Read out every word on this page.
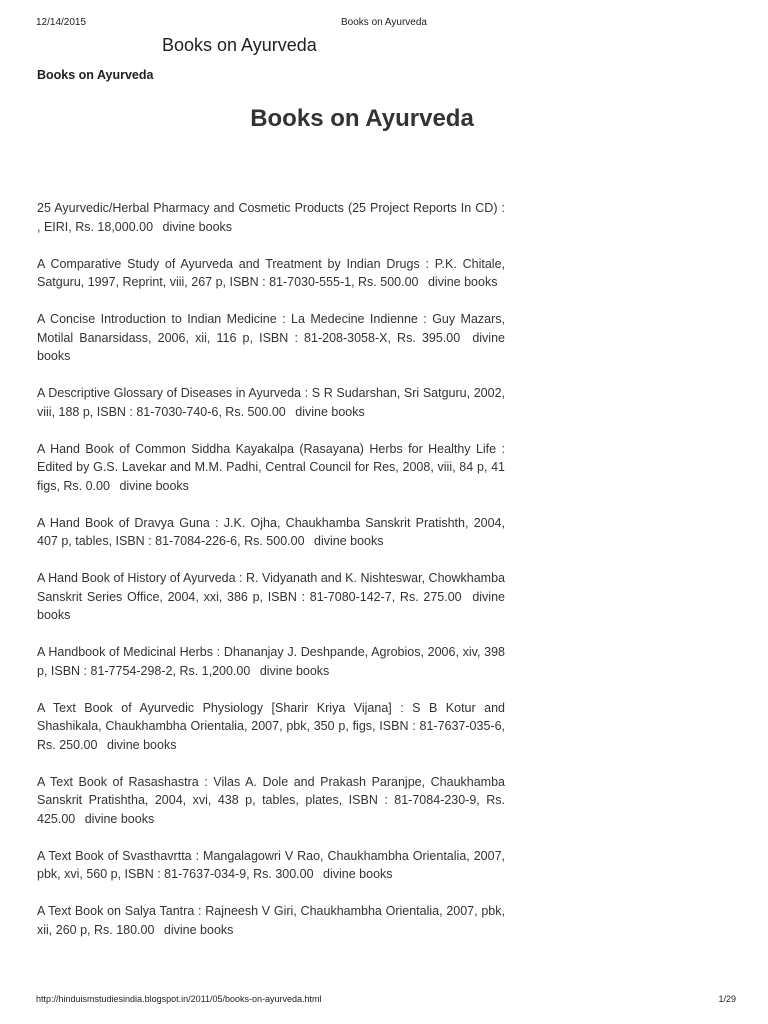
12/14/2015	Books on Ayurveda
Books on Ayurveda
Books on Ayurveda
Books on Ayurveda

25 Ayurvedic/Herbal Pharmacy and Cosmetic Products (25 Project Reports In CD) : , EIRI, Rs. 18,000.00 divine books

A Comparative Study of Ayurveda and Treatment by Indian Drugs : P.K. Chitale, Satguru, 1997, Reprint, viii, 267 p, ISBN : 81-7030-555-1, Rs. 500.00 divine books

A Concise Introduction to Indian Medicine : La Medecine Indienne : Guy Mazars, Motilal Banarsidass, 2006, xii, 116 p, ISBN : 81-208-3058-X, Rs. 395.00 divine books

A Descriptive Glossary of Diseases in Ayurveda : S R Sudarshan, Sri Satguru, 2002, viii, 188 p, ISBN : 81-7030-740-6, Rs. 500.00 divine books

A Hand Book of Common Siddha Kayakalpa (Rasayana) Herbs for Healthy Life : Edited by G.S. Lavekar and M.M. Padhi, Central Council for Res, 2008, viii, 84 p, 41 figs, Rs. 0.00 divine books

A Hand Book of Dravya Guna : J.K. Ojha, Chaukhamba Sanskrit Pratishth, 2004, 407 p, tables, ISBN : 81-7084-226-6, Rs. 500.00 divine books

A Hand Book of History of Ayurveda : R. Vidyanath and K. Nishteswar, Chowkhamba Sanskrit Series Office, 2004, xxi, 386 p, ISBN : 81-7080-142-7, Rs. 275.00 divine books

A Handbook of Medicinal Herbs : Dhananjay J. Deshpande, Agrobios, 2006, xiv, 398 p, ISBN : 81-7754-298-2, Rs. 1,200.00 divine books

A Text Book of Ayurvedic Physiology [Sharir Kriya Vijana] : S B Kotur and Shashikala, Chaukhambha Orientalia, 2007, pbk, 350 p, figs, ISBN : 81-7637-035-6, Rs. 250.00 divine books

A Text Book of Rasashastra : Vilas A. Dole and Prakash Paranjpe, Chaukhamba Sanskrit Pratishtha, 2004, xvi, 438 p, tables, plates, ISBN : 81-7084-230-9, Rs. 425.00 divine books

A Text Book of Svasthavrtta : Mangalagowri V Rao, Chaukhambha Orientalia, 2007, pbk, xvi, 560 p, ISBN : 81-7637-034-9, Rs. 300.00 divine books

A Text Book on Salya Tantra : Rajneesh V Giri, Chaukhambha Orientalia, 2007, pbk, xii, 260 p, Rs. 180.00 divine books

http://hinduismstudiesindia.blogspot.in/2011/05/books-on-ayurveda.html	1/29
